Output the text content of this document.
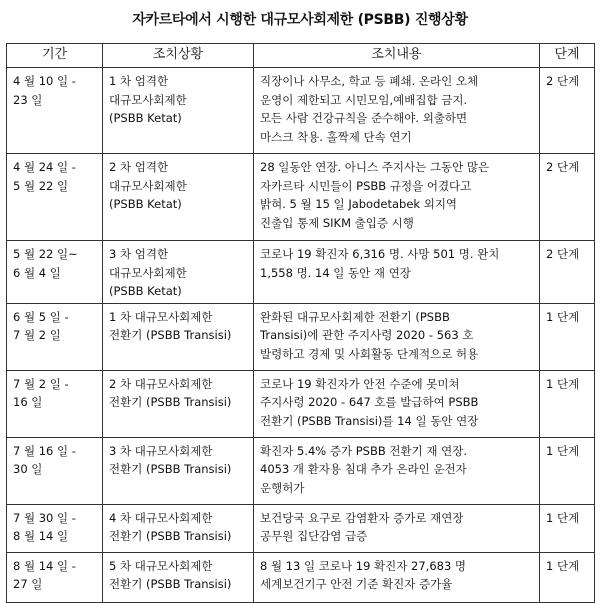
자카르타에서 시행한 대규모사회제한 (PSBB) 진행상황
기간	조치상황	조치내용	단계
4 월 10 일 -
23 일	1 차 엄격한
대규모사회제한
(PSBB Ketat)	직장이나 사무소, 학교 등 폐쇄. 온라인 오체
운영이 제한되고 시민모임,예배집합 금지.
모든 사람 건강규칙을 준수해야. 외출하면
마스크 착용. 홀짝제 단속 연기	2 단계
4 월 24 일 -
5 월 22 일	2 차 엄격한
대규모사회제한
(PSBB Ketat)	28 일동안 연장. 아니스 주지사는 그동안 많은
자카르타 시민들이 PSBB 규정을 어겼다고
밝혀. 5 월 15 일 Jabodetabek 외지역
진출입 통제 SIKM 출입증 시행	2 단계
5 월 22 일~
6 월 4 일	3 차 엄격한
대규모사회제한
(PSBB Ketat)	코로나 19 확진자 6,316 명. 사망 501 명. 완치
1,558 명. 14 일 동안 재 연장	2 단계
6 월 5 일 -
7 월 2 일	1 차 대규모사회제한
전환기 (PSBB Transisi)	완화된 대규모사회제한 전환기 (PSBB
Transisi)에 관한 주지사령 2020 - 563 호
발령하고 경제 및 사회활동 단계적으로 허용	1 단계
7 월 2 일 -
16 일	2 차 대규모사회제한
전환기 (PSBB Transisi)	코로나 19 확진자가 안전 수준에 못미쳐
주지사령 2020 - 647 호를 발급하여 PSBB
전환기 (PSBB Transisi)를 14 일 동안 연장	1 단계
7 월 16 일 -
30 일	3 차 대규모사회제한
전환기 (PSBB Transisi)	확진자 5.4% 증가 PSBB 전환기 재 연장.
4053 개 환자용 침대 추가 온라인 운전자
운행허가	1 단계
7 월 30 일 -
8 월 14 일	4 차 대규모사회제한
전환기 (PSBB Transisi)	보건당국 요구로 감염환자 증가로 재연장
공무원 집단감염 급증	1 단계
8 월 14 일 -
27 일	5 차 대규모사회제한
전환기 (PSBB Transisi)	8 월 13 일 코로나 19 확진자 27,683 명
세계보건기구 안전 기준 확진자 증가율	1 단계
